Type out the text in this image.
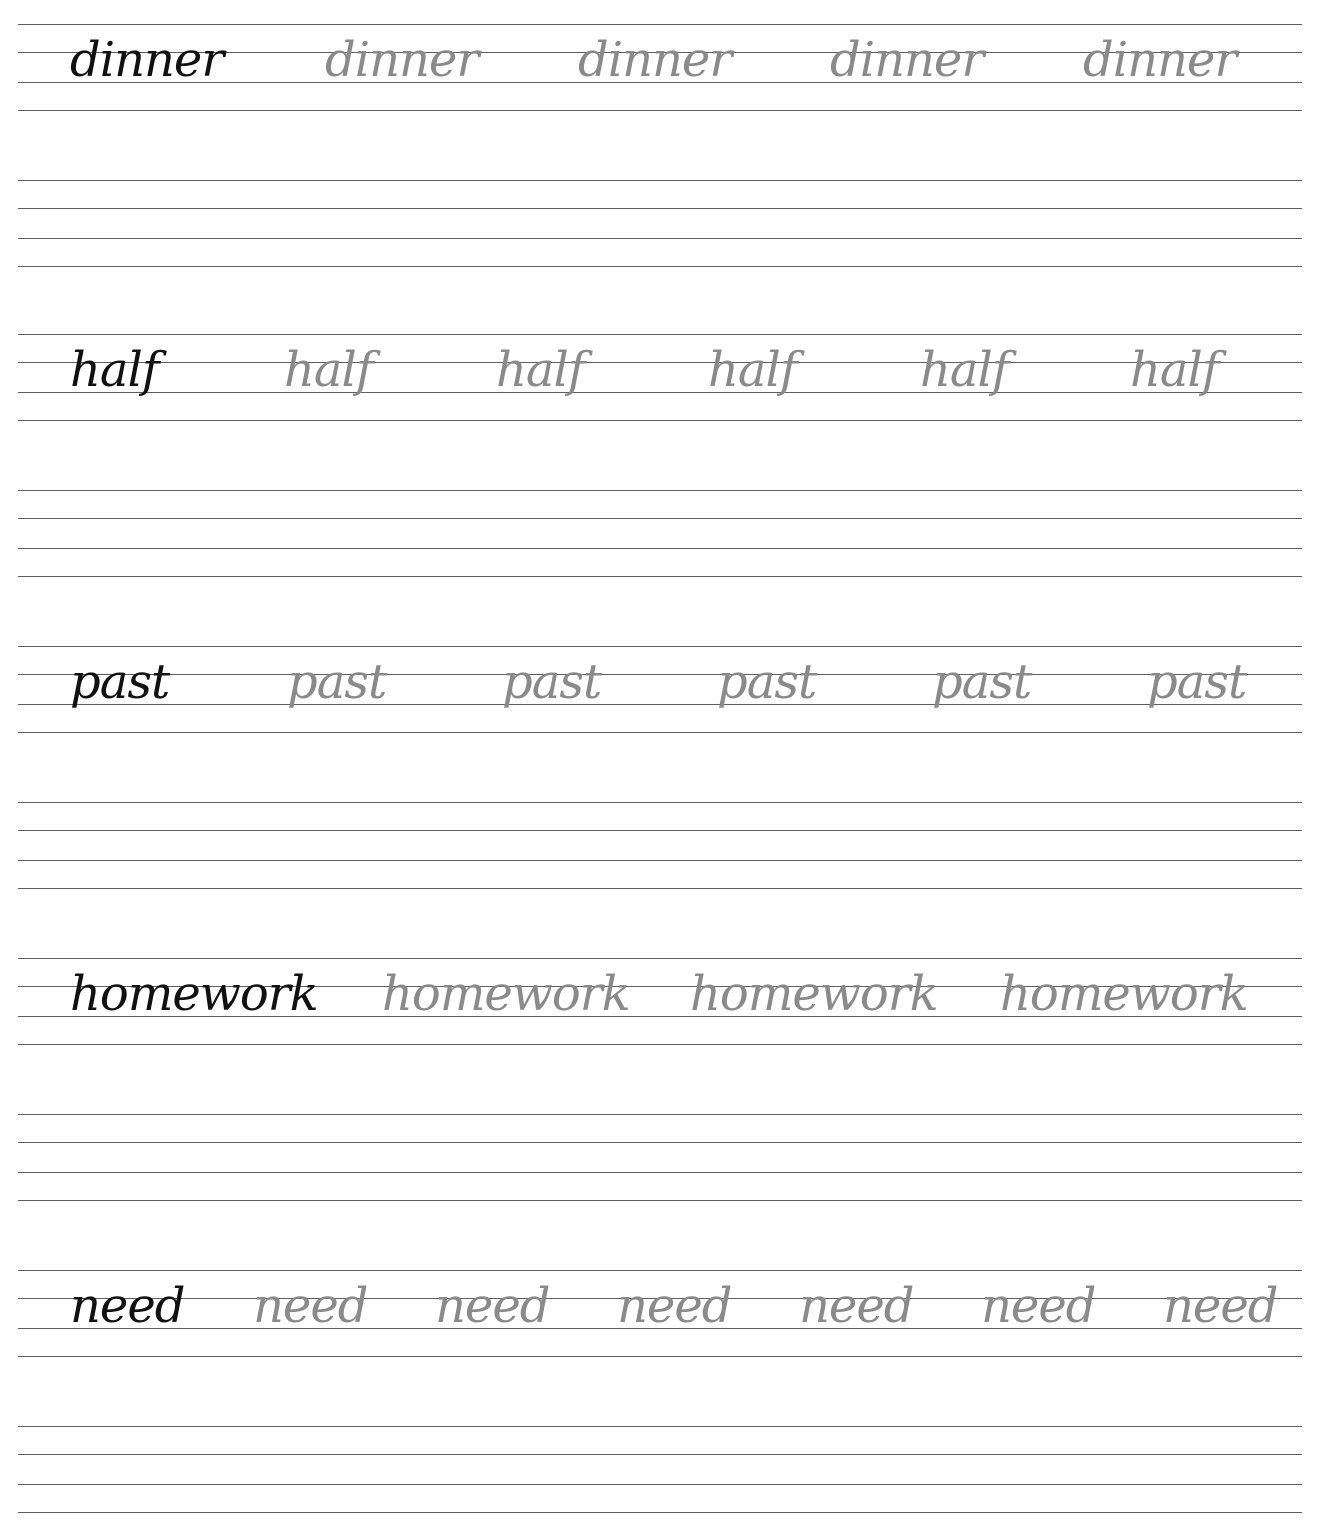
dinner dinner dinner dinner dinner
half	half	half	half	half	half
past past past past past past
homework homework homework homework
need need need need need need need
